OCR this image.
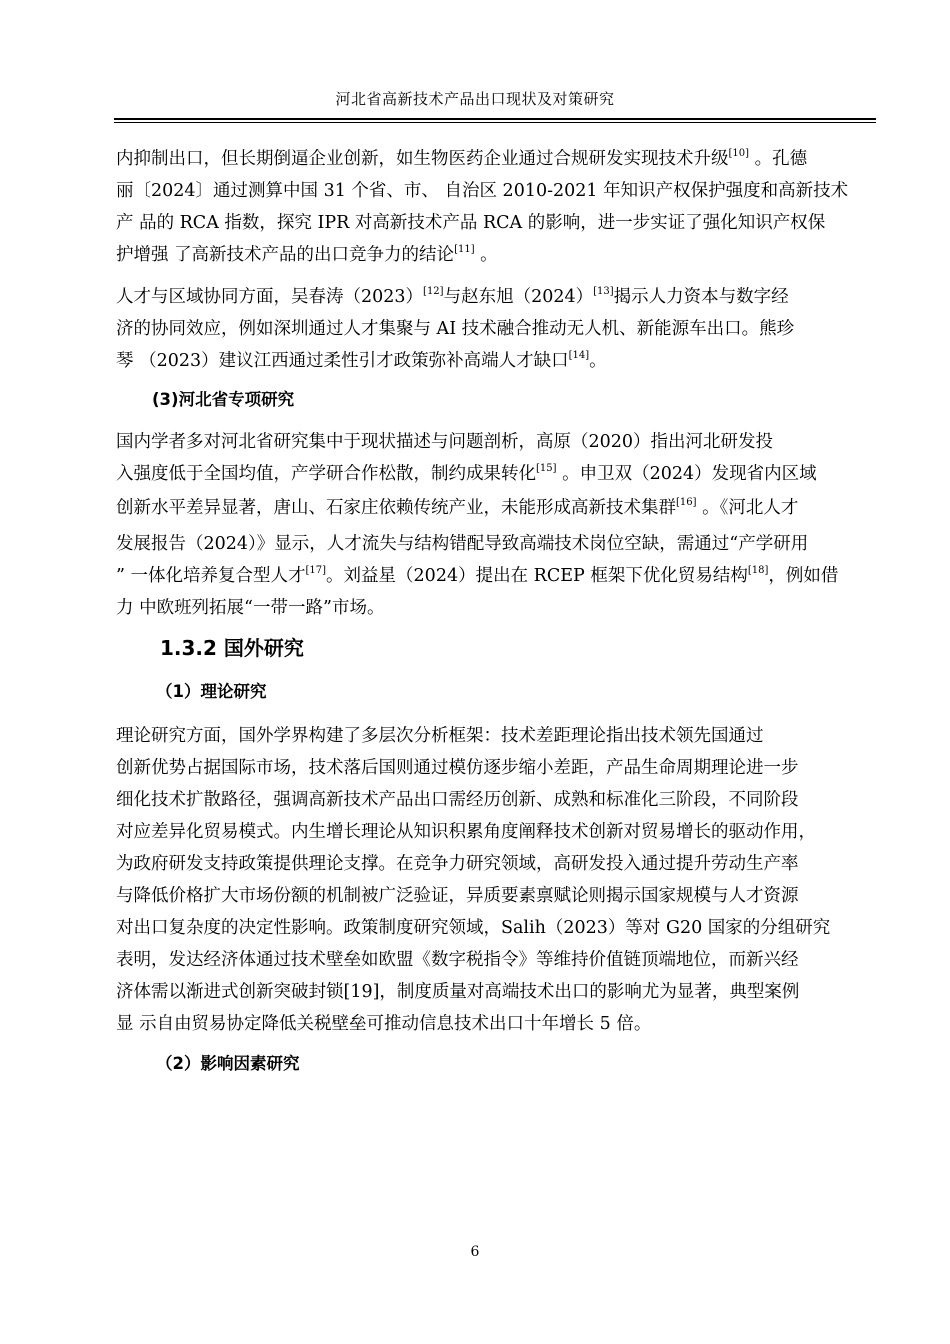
河北省高新技术产品出口现状及对策研究
内抑制出口，但长期倒逼企业创新，如生物医药企业通过合规研发实现技术升级[10] 。孔德
丽〔2024〕通过测算中国 31 个省、市、 自治区 2010-2021 年知识产权保护强度和高新技术
产 品的 RCA 指数，探究 IPR 对高新技术产品 RCA 的影响，进一步实证了强化知识产权保
护增强 了高新技术产品的出口竞争力的结论[11] 。
人才与区域协同方面，吴春涛（2023）[12]与赵东旭（2024）[13]揭示人力资本与数字经
济的协同效应，例如深圳通过人才集聚与 AI 技术融合推动无人机、新能源车出口。熊珍
琴 （2023）建议江西通过柔性引才政策弥补高端人才缺口[14]。
(3)河北省专项研究
国内学者多对河北省研究集中于现状描述与问题剖析，高原（2020）指出河北研发投
入强度低于全国均值，产学研合作松散，制约成果转化[15] 。申卫双（2024）发现省内区域
创新水平差异显著，唐山、石家庄依赖传统产业，未能形成高新技术集群[16] 。《河北人才
发展报告（2024）》显示，人才流失与结构错配导致高端技术岗位空缺，需通过“产学研用
” 一体化培养复合型人才[17]。刘益星（2024）提出在 RCEP 框架下优化贸易结构[18]，例如借
力 中欧班列拓展“一带一路”市场。
1.3.2 国外研究
（1）理论研究
理论研究方面，国外学界构建了多层次分析框架：技术差距理论指出技术领先国通过
创新优势占据国际市场，技术落后国则通过模仿逐步缩小差距，产品生命周期理论进一步
细化技术扩散路径，强调高新技术产品出口需经历创新、成熟和标准化三阶段，不同阶段
对应差异化贸易模式。内生增长理论从知识积累角度阐释技术创新对贸易增长的驱动作用，
为政府研发支持政策提供理论支撑。在竞争力研究领域，高研发投入通过提升劳动生产率
与降低价格扩大市场份额的机制被广泛验证，异质要素禀赋论则揭示国家规模与人才资源
对出口复杂度的决定性影响。政策制度研究领域，Salih（2023）等对 G20 国家的分组研究
表明，发达经济体通过技术壁垒如欧盟《数字税指令》等维持价值链顶端地位，而新兴经
济体需以渐进式创新突破封锁[19]，制度质量对高端技术出口的影响尤为显著，典型案例
显 示自由贸易协定降低关税壁垒可推动信息技术出口十年增长 5 倍。
（2）影响因素研究
6
